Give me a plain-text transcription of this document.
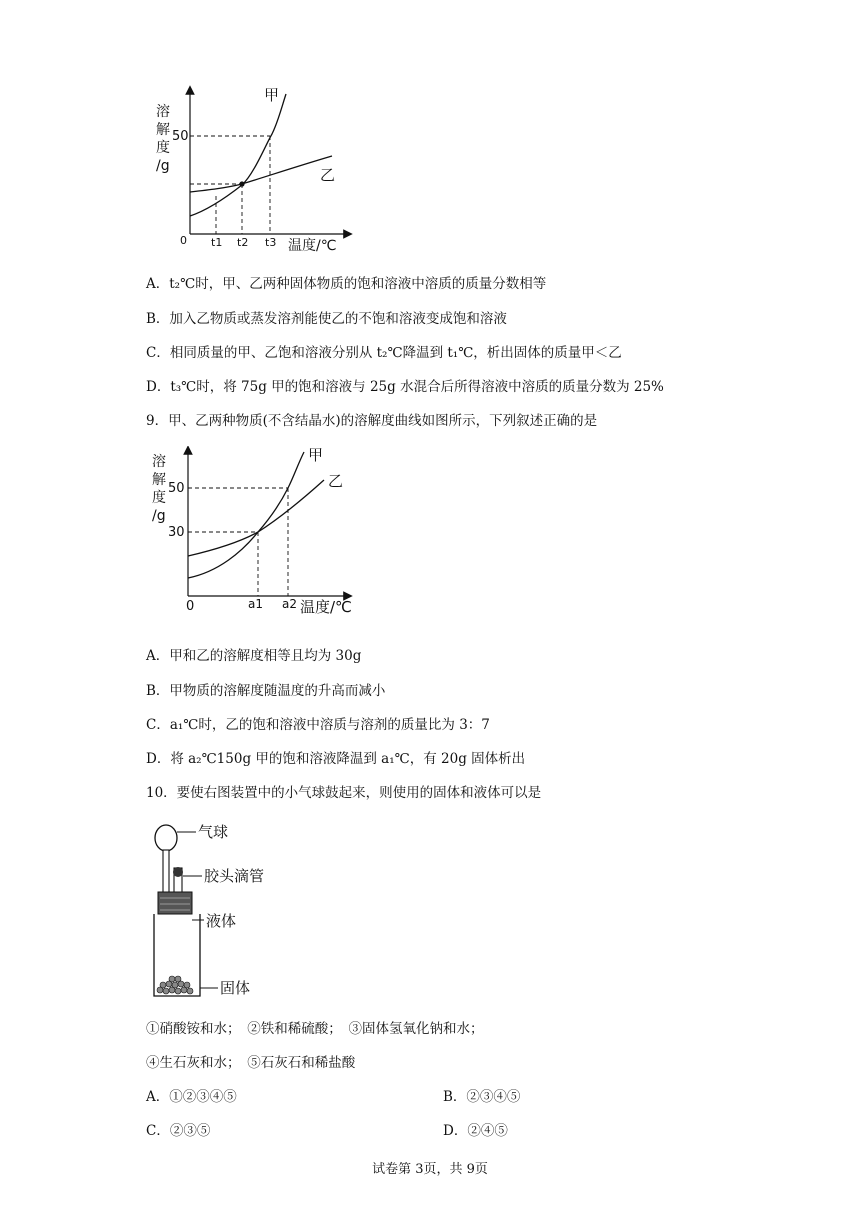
溶
解
度
/g
50
甲
乙
0 t1 t2 t3 温度/℃
A．t₂℃时，甲、乙两种固体物质的饱和溶液中溶质的质量分数相等
B．加入乙物质或蒸发溶剂能使乙的不饱和溶液变成饱和溶液
C．相同质量的甲、乙饱和溶液分别从 t₂℃降温到 t₁℃，析出固体的质量甲＜乙
D．t₃℃时，将 75g 甲的饱和溶液与 25g 水混合后所得溶液中溶质的质量分数为 25%
9．甲、乙两种物质(不含结晶水)的溶解度曲线如图所示，下列叙述正确的是
溶
解
度
/g
50
30
甲
乙
0	a1 a2 温度/℃
A．甲和乙的溶解度相等且均为 30g
B．甲物质的溶解度随温度的升高而减小
C．a₁℃时，乙的饱和溶液中溶质与溶剂的质量比为 3：7
D．将 a₂℃150g 甲的饱和溶液降温到 a₁℃，有 20g 固体析出
10．要使右图装置中的小气球鼓起来，则使用的固体和液体可以是
气球
胶头滴管
液体
固体
①硝酸铵和水；　②铁和稀硫酸；　③固体氢氧化钠和水；
④生石灰和水；　⑤石灰石和稀盐酸
A．①②③④⑤	B．②③④⑤
C．②③⑤	D．②④⑤
试卷第 3页，共 9页
